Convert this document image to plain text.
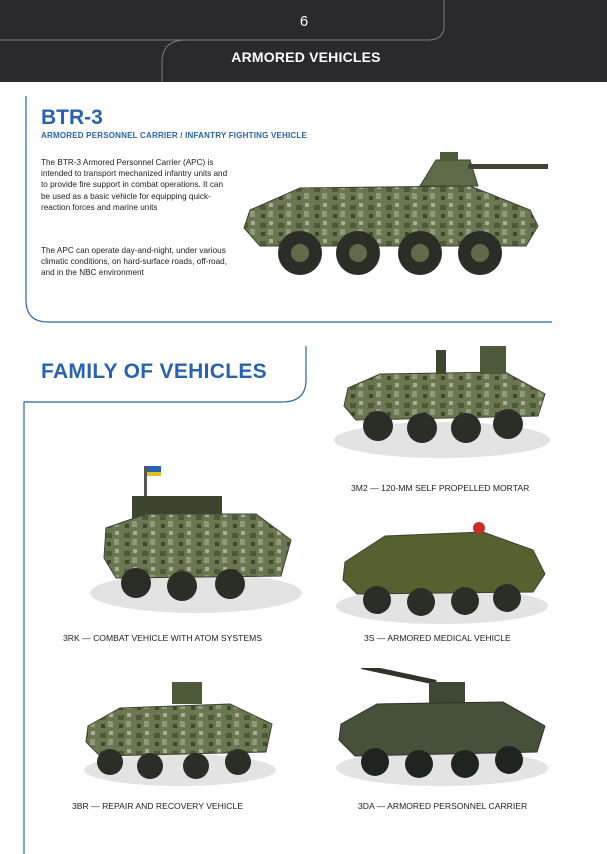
6
ARMORED VEHICLES
BTR-3
ARMORED PERSONNEL CARRIER / INFANTRY FIGHTING VEHICLE
The BTR-3 Armored Personnel Carrier (APC) is intended to transport mechanized infantry units and to provide fire support in combat operations. It can be used as a basic vehicle for equipping quick-reaction forces and marine units
The APC can operate day-and-night, under various climatic conditions, on hard-surface roads, off-road, and in the NBC environment
FAMILY OF VEHICLES
3M2 — 120-MM SELF PROPELLED MORTAR
3RK — COMBAT VEHICLE WITH ATOM SYSTEMS	3S — ARMORED MEDICAL VEHICLE
3BR — REPAIR AND RECOVERY VEHICLE	3DA — ARMORED PERSONNEL CARRIER
